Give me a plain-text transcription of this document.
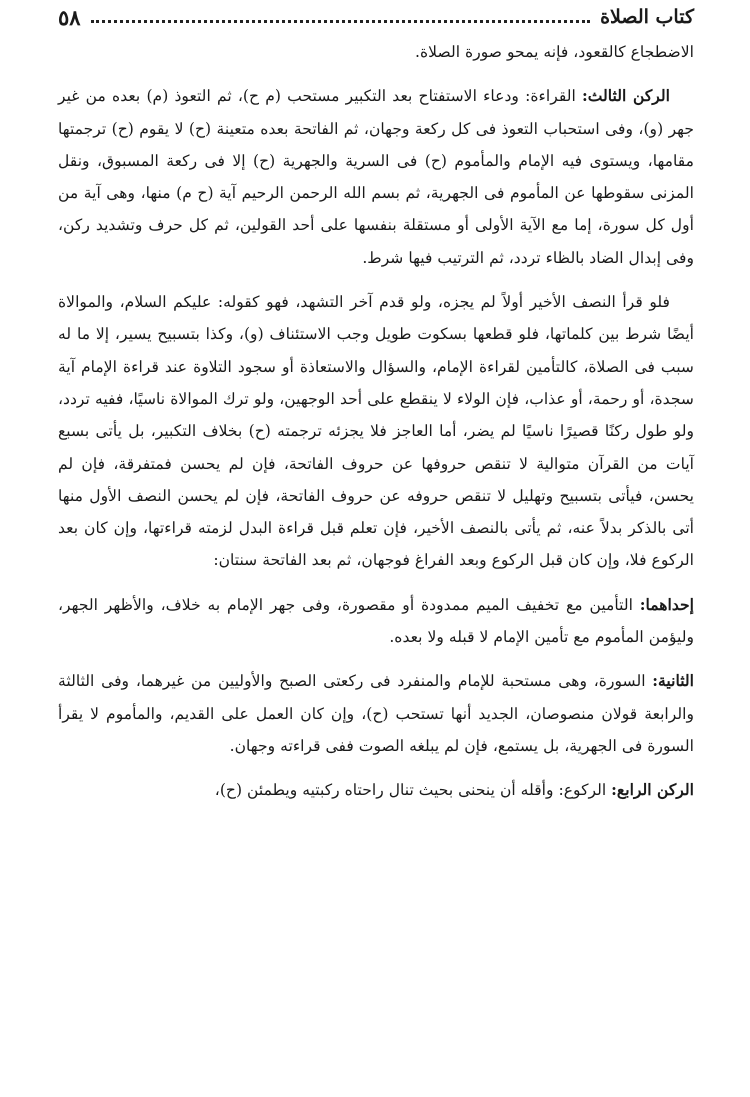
كتاب الصلاة
٥٨

الاضطجاع كالقعود، فإنه يمحو صورة الصلاة.

الركن الثالث: القراءة: ودعاء الاستفتاح بعد التكبير مستحب (م ح)، ثم التعوذ (م) بعده من غير جهر (و)، وفى استحباب التعوذ فى كل ركعة وجهان، ثم الفاتحة بعده متعينة (ح) لا يقوم (ح) ترجمتها مقامها، ويستوى فيه الإمام والمأموم (ح) فى السرية والجهرية (ح) إلا فى ركعة المسبوق، ونقل المزنى سقوطها عن المأموم فى الجهرية، ثم بسم الله الرحمن الرحيم آية (ح م) منها، وهى آية من أول كل سورة، إما مع الآية الأولى أو مستقلة بنفسها على أحد القولين، ثم كل حرف وتشديد ركن، وفى إبدال الضاد بالظاء تردد، ثم الترتيب فيها شرط.

فلو قرأ النصف الأخير أولاً لم يجزه، ولو قدم آخر التشهد، فهو كقوله: عليكم السلام، والموالاة أيضًا شرط بين كلماتها، فلو قطعها بسكوت طويل وجب الاستئناف (و)، وكذا بتسبيح يسير، إلا ما له سبب فى الصلاة، كالتأمين لقراءة الإمام، والسؤال والاستعاذة أو سجود التلاوة عند قراءة الإمام آية سجدة، أو رحمة، أو عذاب، فإن الولاء لا ينقطع على أحد الوجهين، ولو ترك الموالاة ناسيًا، ففيه تردد، ولو طول ركنًا قصيرًا ناسيًا لم يضر، أما العاجز فلا يجزئه ترجمته (ح) بخلاف التكبير، بل يأتى بسبع آيات من القرآن متوالية لا تنقص حروفها عن حروف الفاتحة، فإن لم يحسن فمتفرقة، فإن لم يحسن، فيأتى بتسبيح وتهليل لا تنقص حروفه عن حروف الفاتحة، فإن لم يحسن النصف الأول منها أتى بالذكر بدلاً عنه، ثم يأتى بالنصف الأخير، فإن تعلم قبل قراءة البدل لزمته قراءتها، وإن كان بعد الركوع فلا، وإن كان قبل الركوع وبعد الفراغ فوجهان، ثم بعد الفاتحة سنتان:

إحداهما: التأمين مع تخفيف الميم ممدودة أو مقصورة، وفى جهر الإمام به خلاف، والأظهر الجهر، وليؤمن المأموم مع تأمين الإمام لا قبله ولا بعده.

الثانية: السورة، وهى مستحبة للإمام والمنفرد فى ركعتى الصبح والأوليين من غيرهما، وفى الثالثة والرابعة قولان منصوصان، الجديد أنها تستحب (ح)، وإن كان العمل على القديم، والمأموم لا يقرأ السورة فى الجهرية، بل يستمع، فإن لم يبلغه الصوت ففى قراءته وجهان.

الركن الرابع: الركوع: وأقله أن ينحنى بحيث تنال راحتاه ركبتيه ويطمئن (ح)،
